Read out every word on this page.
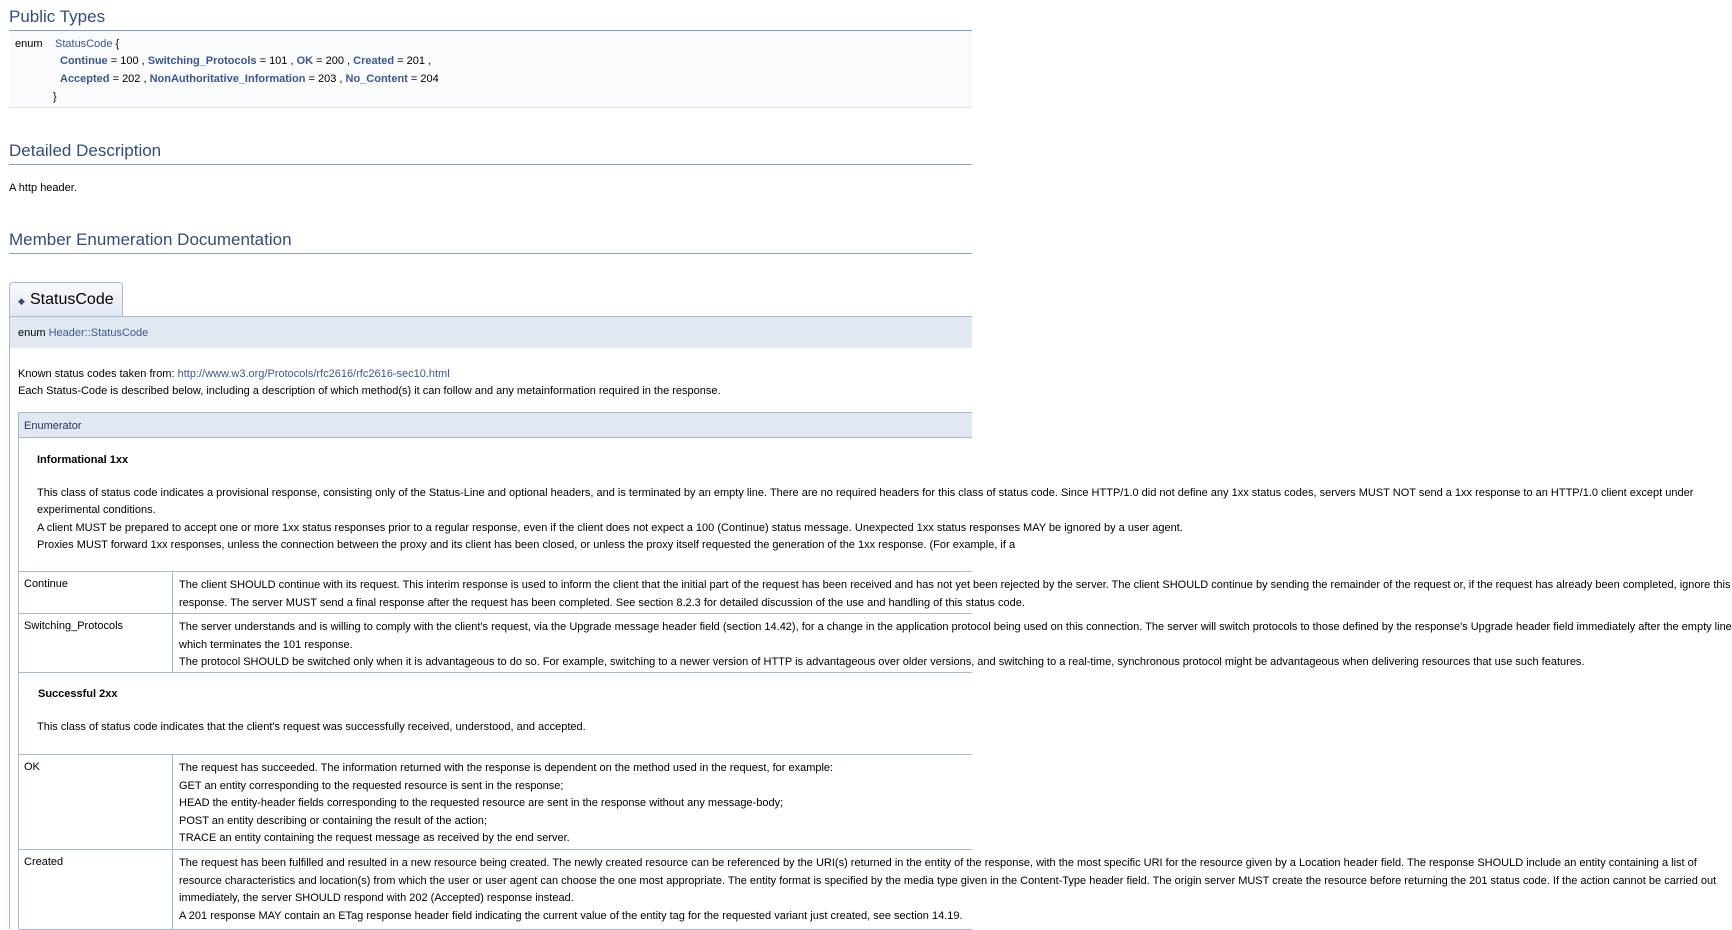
Public Types
enum StatusCode {
Continue = 100 , Switching_Protocols = 101 , OK = 200 , Created = 201 ,
Accepted = 202 , NonAuthoritative_Information = 203 , No_Content = 204
}
Detailed Description
A http header.
Member Enumeration Documentation
◆ StatusCode
enum Header::StatusCode
Known status codes taken from: http://www.w3.org/Protocols/rfc2616/rfc2616-sec10.html
Each Status-Code is described below, including a description of which method(s) it can follow and any metainformation required in the response.
Enumerator
Informational 1xx
This class of status code indicates a provisional response, consisting only of the Status-Line and optional headers, and is terminated by an empty line. There are no required headers for this class of status code. Since HTTP/1.0 did not define any 1xx status codes, servers MUST NOT send a 1xx response to an HTTP/1.0 client except under
experimental conditions.
A client MUST be prepared to accept one or more 1xx status responses prior to a regular response, even if the client does not expect a 100 (Continue) status message. Unexpected 1xx status responses MAY be ignored by a user agent.
Proxies MUST forward 1xx responses, unless the connection between the proxy and its client has been closed, or unless the proxy itself requested the generation of the 1xx response. (For example, if a
Continue	The client SHOULD continue with its request. This interim response is used to inform the client that the initial part of the request has been received and has not yet been rejected by the server. The client SHOULD continue by sending the remainder of the request or, if the request has already been completed, ignore this
response. The server MUST send a final response after the request has been completed. See section 8.2.3 for detailed discussion of the use and handling of this status code.
Switching_Protocols	The server understands and is willing to comply with the client's request, via the Upgrade message header field (section 14.42), for a change in the application protocol being used on this connection. The server will switch protocols to those defined by the response's Upgrade header field immediately after the empty line
which terminates the 101 response.
The protocol SHOULD be switched only when it is advantageous to do so. For example, switching to a newer version of HTTP is advantageous over older versions, and switching to a real-time, synchronous protocol might be advantageous when delivering resources that use such features.
Successful 2xx
This class of status code indicates that the client's request was successfully received, understood, and accepted.
OK	The request has succeeded. The information returned with the response is dependent on the method used in the request, for example:
GET an entity corresponding to the requested resource is sent in the response;
HEAD the entity-header fields corresponding to the requested resource are sent in the response without any message-body;
POST an entity describing or containing the result of the action;
TRACE an entity containing the request message as received by the end server.
Created	The request has been fulfilled and resulted in a new resource being created. The newly created resource can be referenced by the URI(s) returned in the entity of the response, with the most specific URI for the resource given by a Location header field. The response SHOULD include an entity containing a list of
resource characteristics and location(s) from which the user or user agent can choose the one most appropriate. The entity format is specified by the media type given in the Content-Type header field. The origin server MUST create the resource before returning the 201 status code. If the action cannot be carried out
immediately, the server SHOULD respond with 202 (Accepted) response instead.
A 201 response MAY contain an ETag response header field indicating the current value of the entity tag for the requested variant just created, see section 14.19.
